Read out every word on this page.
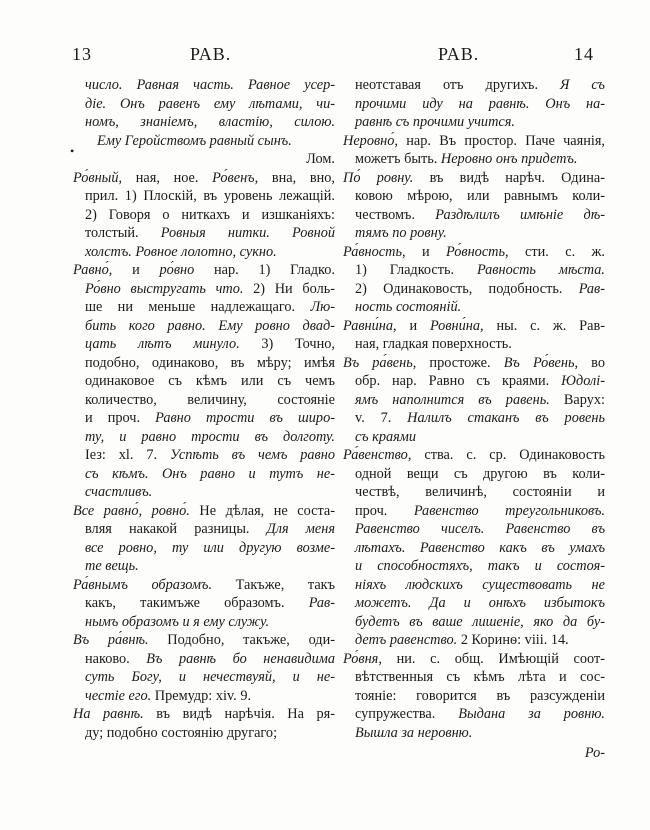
13	РАВ.	РАВ.	14
•
число. Равная часть. Равное усер-
діе. Онъ равенъ ему лѣтами, чи-
номъ, знаніемъ, властію, силою.
Ему Геройствомъ равный сынъ.
Лом.
Ро́вный, ная, ное. Ро́венъ, вна, вно,
прил. 1) Плоскій, въ уровень лежащій.
2) Говоря о ниткахъ и изшканіяхъ:
толстый. Ровныя нитки. Ровной
холстъ. Ровное лолотно, сукно.
Равно́, и ро́вно нар. 1) Гладко.
Ро́вно выстругать что. 2) Ни боль-
ше ни меньше надлежащаго. Лю-
бить кого равно. Ему ровно двад-
цать лѣтъ минуло. 3) Точно,
подобно, одинаково, въ мѣру; имѣя
одинаковое съ кѣмъ или съ чемъ
количество, величину, состояніе
и проч. Равно трости въ широ-
ту, и равно трости въ долготу.
Іез: xl. 7. Успѣть въ чемъ равно
съ кѣмъ. Онъ равно и тутъ не-
счастливъ.
Все равно́, ровно́. Не дѣлая, не соста-
вляя накакой разницы. Для меня
все ровно, ту или другую возме-
те вещь.
Ра́внымъ образомъ. Такъже, такъ
какъ, такимъже образомъ. Рав-
нымъ образомъ и я ему служу.
Въ ра́внѣ. Подобно, такъже, оди-
наково. Въ равнѣ бо ненавидима
суть Богу, и нечествуяй, и не-
честіе его. Премудр: xiv. 9.
На равнѣ. въ видѣ нарѣчія. На ря-
ду; подобно состоянію другаго;
неотставая отъ другихъ. Я съ
прочими иду на равнѣ. Онъ на-
равнѣ съ прочими учится.
Неровно́, нар. Въ простор. Паче чаянія,
можетъ быть. Неровно онъ придетъ.
По́ ровну. въ видѣ нарѣч. Одина-
ковою мѣрою, или равнымъ коли-
чествомъ. Раздѣлилъ имѣніе дѣ-
тямъ по ровну.
Ра́вность, и Ро́вность, сти. с. ж.
1) Гладкость. Равность мѣста.
2) Одинаковость, подобность. Рав-
ность состояній.
Равни́на, и Ровни́на, ны. с. ж. Рав-
ная, гладкая поверхность.
Въ ра́вень, простоже. Въ Ро́вень, во
обр. нар. Равно съ краями. Юдолі-
ямъ наполнится въ равень. Варух:
v. 7. Налилъ стаканъ въ ровень
съ краями
Ра́венство, ства. с. ср. Одинаковость
одной вещи съ другою въ коли-
чествѣ, величинѣ, состояніи и
проч. Равенство треугольниковъ.
Равенство чиселъ. Равенство въ
лѣтахъ. Равенство какъ въ умахъ
и способностяхъ, такъ и состоя-
ніяхъ людскихъ существовать не
можетъ. Да и онѣхъ избытокъ
будетъ въ ваше лишеніе, яко да бу-
детъ равенство. 2 Коринѳ: viii. 14.
Ро́вня, ни. с. общ. Имѣющій соот-
вѣтственныя съ кѣмъ лѣта и сос-
тояніе: говорится въ разсужденіи
супружества. Выдана за ровню.
Вышла за неровню.
Ро-
